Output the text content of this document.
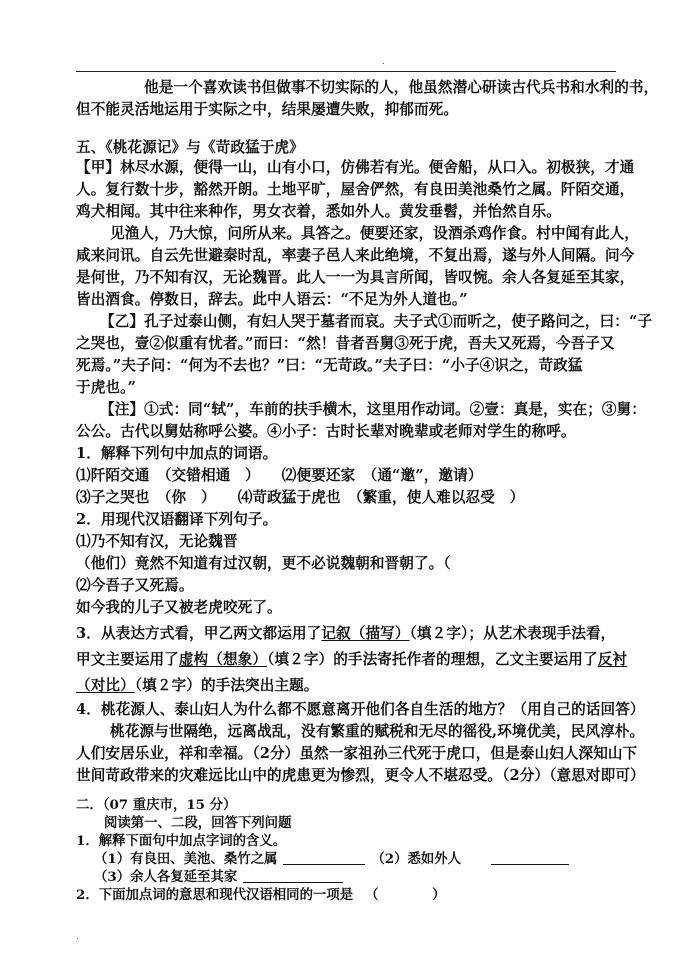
.
他是一个喜欢读书但做事不切实际的人，他虽然潜心研读古代兵书和水利的书，
但不能灵活地运用于实际之中，结果屡遭失败，抑郁而死。
五、《桃花源记》与《苛政猛于虎》
【甲】林尽水源，便得一山，山有小口，仿佛若有光。便舍船，从口入。初极狭，才通
人。复行数十步，豁然开朗。土地平旷，屋舍俨然，有良田美池桑竹之属。阡陌交通，
鸡犬相闻。其中往来种作，男女衣着，悉如外人。黄发垂髫，并怡然自乐。
见渔人，乃大惊，问所从来。具答之。便要还家，设酒杀鸡作食。村中闻有此人，
咸来问讯。自云先世避秦时乱，率妻子邑人来此绝境，不复出焉，遂与外人间隔。问今
是何世，乃不知有汉，无论魏晋。此人一一为具言所闻，皆叹惋。余人各复延至其家，
皆出酒食。停数日，辞去。此中人语云：“不足为外人道也。”
【乙】孔子过泰山侧，有妇人哭于墓者而哀。夫子式①而听之，使子路问之，曰：“子
之哭也，壹②似重有忧者。”而曰：“然！昔者吾舅③死于虎，吾夫又死焉，今吾子又
死焉。”夫子问：“何为不去也？”曰：“无苛政。”夫子曰：“小子④识之，苛政猛
于虎也。”
【注】①式：同“轼”，车前的扶手横木，这里用作动词。②壹：真是，实在；③舅：
公公。古代以舅姑称呼公婆。④小子：古时长辈对晚辈或老师对学生的称呼。
1．解释下列句中加点的词语。
⑴阡陌交通　（交错相通　）　　⑵便要还家　（通“邀”，邀请）
⑶子之哭也　（你　）　　⑷苛政猛于虎也　（繁重，使人难以忍受　）
2．用现代汉语翻译下列句子。
⑴乃不知有汉，无论魏晋
（他们）竟然不知道有过汉朝，更不必说魏朝和晋朝了。（
⑵今吾子又死焉。
如今我的儿子又被老虎咬死了。
3．从表达方式看，甲乙两文都运用了记叙（描写）（填２字）；从艺术表现手法看，
甲文主要运用了虚构（想象）（填２字）的手法寄托作者的理想，乙文主要运用了反衬
（对比）（填２字）的手法突出主题。
4．桃花源人、泰山妇人为什么都不愿意离开他们各自生活的地方？（用自己的话回答）
桃花源与世隔绝，远离战乱，没有繁重的赋税和无尽的徭役,环境优美，民风淳朴。
人们安居乐业，祥和幸福。（2分）虽然一家祖孙三代死于虎口，但是泰山妇人深知山下
世间苛政带来的灾难远比山中的虎患更为惨烈，更令人不堪忍受。（2分）（意思对即可）
二．（07 重庆市，15 分）
阅读第一、二段，回答下列问题
1．解释下面句中加点字词的含义。
（1）有良田、美池、桑竹之属	（2）悉如外人
（3）余人各复延至其家
2．下面加点词的意思和现代汉语相同的一项是 （　　　　）
.
